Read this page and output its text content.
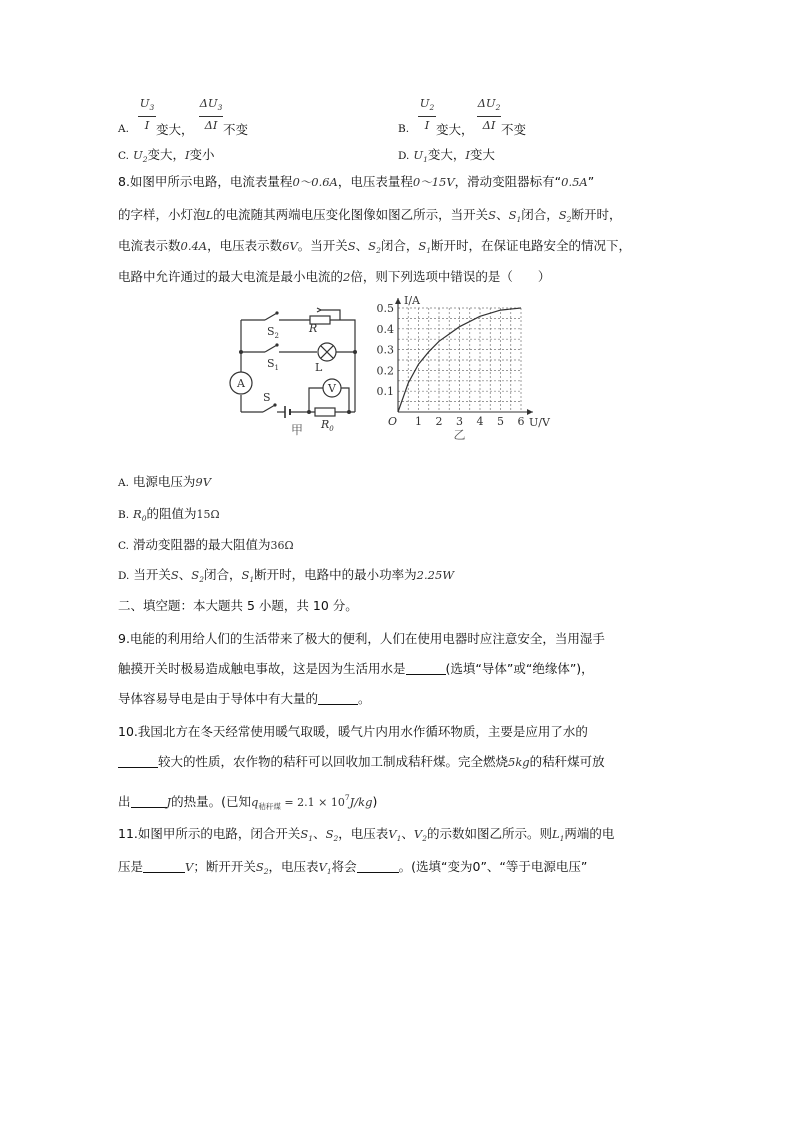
A.
$U_3$
I 变大，
$\Delta U_3$
ΔI 不变	B.
$U_2$
I 变大，
$\Delta U_2$
ΔI 不变
C. $U_2$变大，I变小	D. $U_1$变大，I变大
8.如图甲所示电路，电流表量程0～0.6A，电压表量程0～15V，滑动变阻器标有“0.5A”
的字样，小灯泡L的电流随其两端电压变化图像如图乙所示，当开关S、$S_1$闭合，$S_2$断开时，
电流表示数0.4A，电压表示数6V。当开关S、$S_2$闭合，$S_1$断开时，在保证电路安全的情况下，
电路中允许通过的最大电流是最小电流的2倍，则下列选项中错误的是（　　）
A	V
$S_2$
$S_1$
S
R
L
$R_0$
甲
1 2 3 4 5 6
0.1
0.2
0.3
0.4
0.5
I/A
U/V
O
乙
A. 电源电压为9V
B. $R_0$的阻值为15Ω
C. 滑动变阻器的最大阻值为36Ω
D. 当开关S、$S_2$闭合，$S_1$断开时，电路中的最小功率为2.25W
二、填空题：本大题共 5 小题，共 10 分。
9.电能的利用给人们的生活带来了极大的便利，人们在使用电器时应注意安全，当用湿手
触摸开关时极易造成触电事故，这是因为生活用水是	(选填“导体”或“绝缘体”)，
导体容易导电是由于导体中有大量的	。
10.我国北方在冬天经常使用暖气取暖，暖气片内用水作循环物质，主要是应用了水的
较大的性质，农作物的秸秆可以回收加工制成秸秆煤。完全燃烧5kg的秸秆煤可放
出	J的热量。(已知$q_{秸秆煤} = 2.1 \times 10^7J/kg$)
11.如图甲所示的电路，闭合开关$S_1$、$S_2$，电压表$V_1$、$V_2$的示数如图乙所示。则$L_1$两端的电
压是	V；断开开关$S_2$，电压表$V_1$将会	。(选填“变为0”、“等于电源电压”
